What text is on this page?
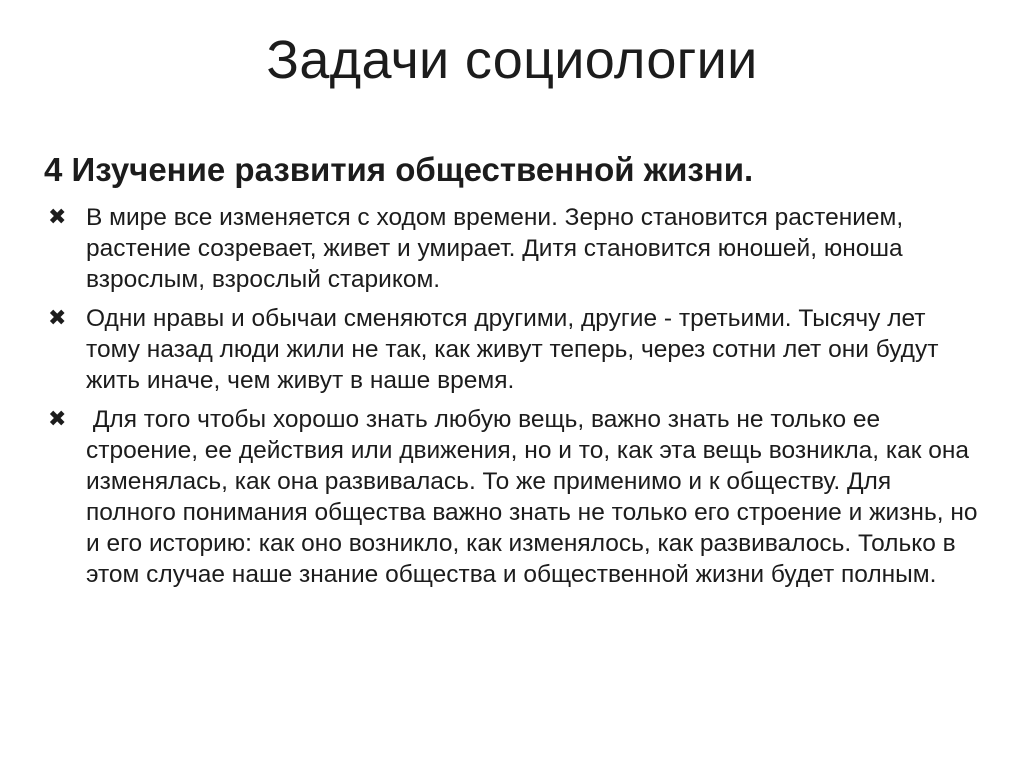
Задачи социологии
4 Изучение развития общественной жизни.
✖ В мире все изменяется с ходом времени. Зерно становится растением, растение созревает, живет и умирает. Дитя становится юношей, юноша взрослым, взрослый стариком.
✖ Одни нравы и обычаи сменяются другими, другие - третьими. Тысячу лет тому назад люди жили не так, как живут теперь, через сотни лет они будут жить иначе, чем живут в наше время.
✖ Для того чтобы хорошо знать любую вещь, важно знать не только ее строение, ее действия или движения, но и то, как эта вещь возникла, как она изменялась, как она развивалась. То же применимо и к обществу. Для полного понимания общества важно знать не только его строение и жизнь, но и его историю: как оно возникло, как изменялось, как развивалось. Только в этом случае наше знание общества и общественной жизни будет полным.
